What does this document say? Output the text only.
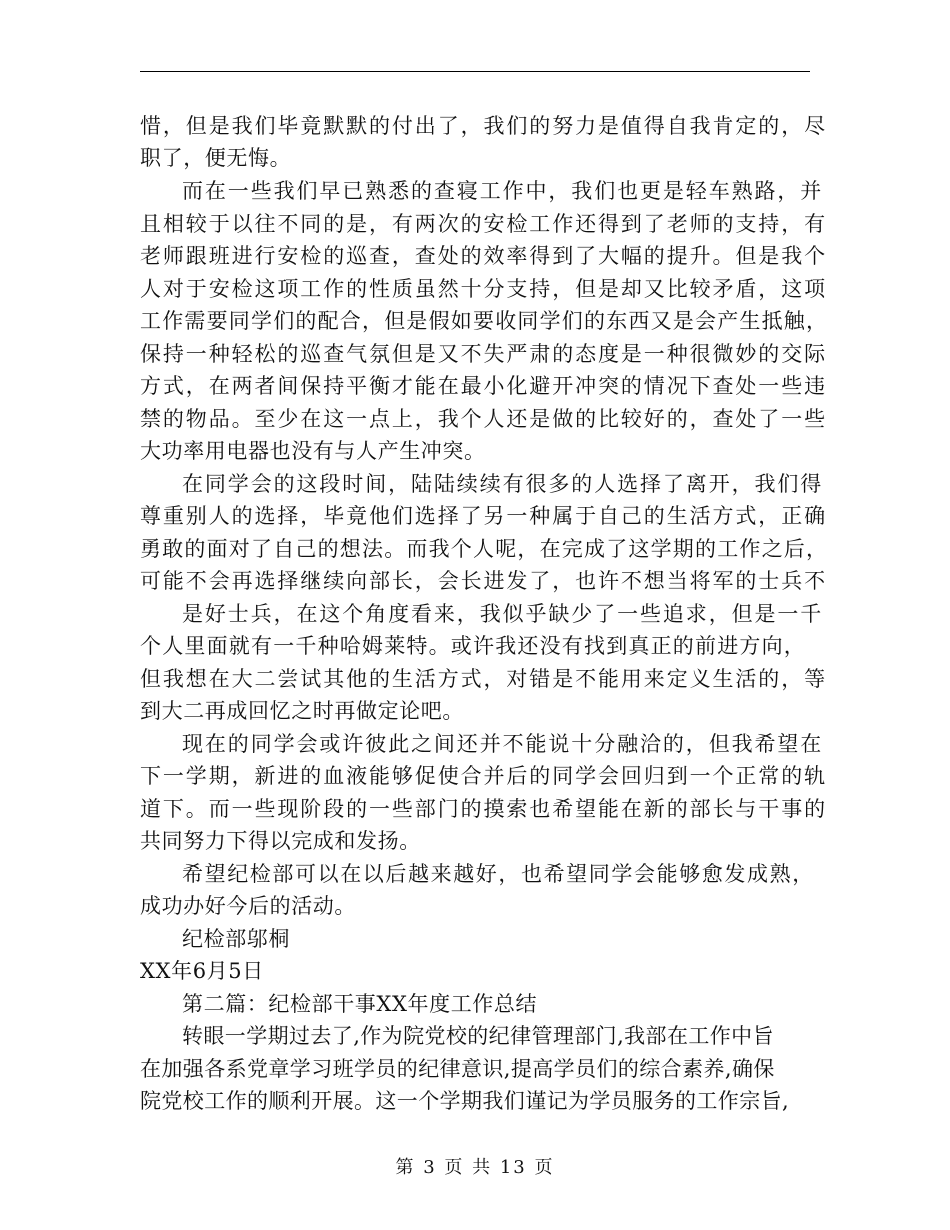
惜，但是我们毕竟默默的付出了，我们的努力是值得自我肯定的，尽
职了，便无悔。
而在一些我们早已熟悉的查寝工作中，我们也更是轻车熟路，并
且相较于以往不同的是，有两次的安检工作还得到了老师的支持，有
老师跟班进行安检的巡查，查处的效率得到了大幅的提升。但是我个
人对于安检这项工作的性质虽然十分支持，但是却又比较矛盾，这项
工作需要同学们的配合，但是假如要收同学们的东西又是会产生抵触，
保持一种轻松的巡查气氛但是又不失严肃的态度是一种很微妙的交际
方式，在两者间保持平衡才能在最小化避开冲突的情况下查处一些违
禁的物品。至少在这一点上，我个人还是做的比较好的，查处了一些
大功率用电器也没有与人产生冲突。
在同学会的这段时间，陆陆续续有很多的人选择了离开，我们得
尊重别人的选择，毕竟他们选择了另一种属于自己的生活方式，正确
勇敢的面对了自己的想法。而我个人呢，在完成了这学期的工作之后，
可能不会再选择继续向部长，会长进发了，也许不想当将军的士兵不
是好士兵，在这个角度看来，我似乎缺少了一些追求，但是一千
个人里面就有一千种哈姆莱特。或许我还没有找到真正的前进方向，
但我想在大二尝试其他的生活方式，对错是不能用来定义生活的，等
到大二再成回忆之时再做定论吧。
现在的同学会或许彼此之间还并不能说十分融洽的，但我希望在
下一学期，新进的血液能够促使合并后的同学会回归到一个正常的轨
道下。而一些现阶段的一些部门的摸索也希望能在新的部长与干事的
共同努力下得以完成和发扬。
希望纪检部可以在以后越来越好，也希望同学会能够愈发成熟，
成功办好今后的活动。
纪检部邬桐
XX年6月5日
第二篇：纪检部干事XX年度工作总结
转眼一学期过去了,作为院党校的纪律管理部门,我部在工作中旨
在加强各系党章学习班学员的纪律意识,提高学员们的综合素养,确保
院党校工作的顺利开展。这一个学期我们谨记为学员服务的工作宗旨,
第 3 页 共 13 页
